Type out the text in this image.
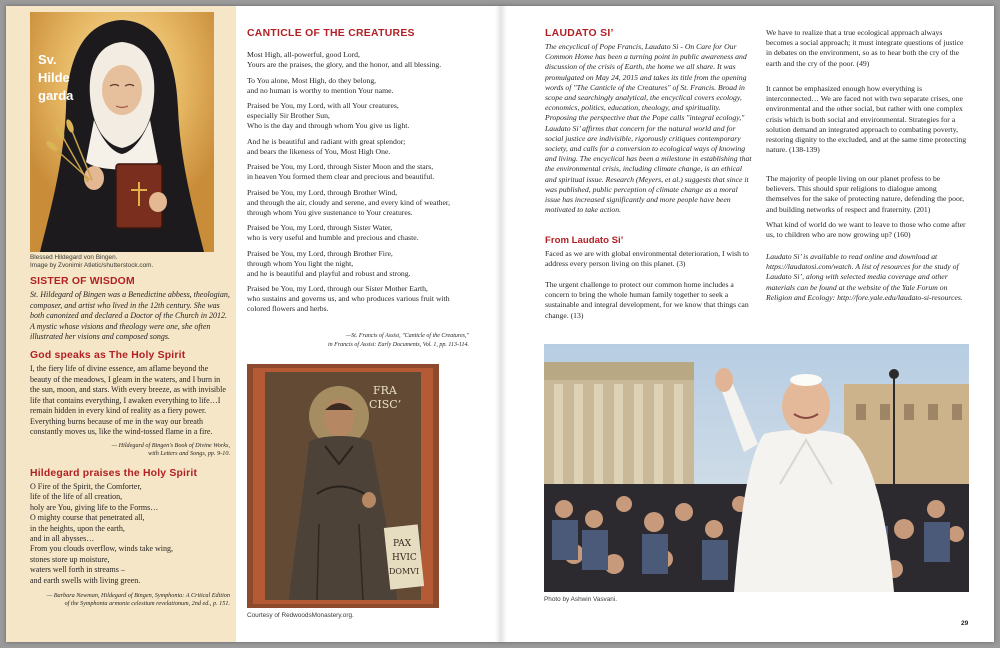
Sv.
Hilde
garda
Blessed Hildegard von Bingen.
Image by Zvonimir Atletic/shutterstock.com.
SISTER OF WISDOM
St. Hildegard of Bingen was a Benedictine abbess, theologian, composer, and artist who lived in the 12th century. She was both canonized and declared a Doctor of the Church in 2012. A mystic whose visions and theology were one, she often illustrated her visions and composed songs.
God speaks as The Holy Spirit
I, the fiery life of divine essence, am aflame beyond the beauty of the meadows, I gleam in the waters, and I burn in the sun, moon, and stars. With every breeze, as with invisible life that contains everything, I awaken everything to life…I remain hidden in every kind of reality as a fiery power. Everything burns because of me in the way our breath constantly moves us, like the wind-tossed flame in a fire.
— Hildegard of Bingen's Book of Divine Works,
with Letters and Songs, pp. 9-10.
Hildegard praises the Holy Spirit
O Fire of the Spirit, the Comforter,
life of the life of all creation,
holy are You, giving life to the Forms…
O mighty course that penetrated all,
in the heights, upon the earth,
and in all abysses…
From you clouds overflow, winds take wing,
stones store up moisture,
waters well forth in streams –
and earth swells with living green.
— Barbara Newman, Hildegard of Bingen, Symphonia: A Critical Edition
of the Symphonia armonie celestium revelationum, 2nd ed., p. 151.
CANTICLE OF THE CREATURES
Most High, all-powerful, good Lord,
Yours are the praises, the glory, and the honor, and all blessing.
To You alone, Most High, do they belong,
and no human is worthy to mention Your name.
Praised be You, my Lord, with all Your creatures,
especially Sir Brother Sun,
Who is the day and through whom You give us light.
And he is beautiful and radiant with great splendor;
and bears the likeness of You, Most High One.
Praised be You, my Lord, through Sister Moon and the stars,
in heaven You formed them clear and precious and beautiful.
Praised be You, my Lord, through Brother Wind,
and through the air, cloudy and serene, and every kind of weather,
through whom You give sustenance to Your creatures.
Praised be You, my Lord, through Sister Water,
who is very useful and humble and precious and chaste.
Praised be You, my Lord, through Brother Fire,
through whom You light the night,
and he is beautiful and playful and robust and strong.
Praised be You, my Lord, through our Sister Mother Earth,
who sustains and governs us, and who produces various fruit with
colored flowers and herbs.
—St. Francis of Assisi, "Canticle of the Creatures,"
in Francis of Assisi: Early Documents, Vol. 1, pp. 113-114.
FRA
CISC’
PAX
HVIC
DOMVI
Courtesy of RedwoodsMonastery.org.
LAUDATO SI’
The encyclical of Pope Francis, Laudato Si - On Care for Our Common Home has been a turning point in public awareness and discussion of the crisis of Earth, the home we all share. It was promulgated on May 24, 2015 and takes its title from the opening words of "The Canticle of the Creatures" of St. Francis. Broad in scope and searchingly analytical, the encyclical covers ecology, economics, politics, education, theology, and spirituality. Proposing the perspective that the Pope calls "integral ecology," Laudato Si’ affirms that concern for the natural world and for social justice are indivisible, rigorously critiques contemporary society, and calls for a conversion to ecological ways of knowing and living. The encyclical has been a milestone in establishing that the environmental crisis, including climate change, is an ethical and spiritual issue. Research (Meyers, et al.) suggests that since it was published, public perception of climate change as a moral issue has increased significantly and more people have been motivated to take action.
From Laudato Si’
Faced as we are with global environmental deterioration, I wish to address every person living on this planet. (3)
The urgent challenge to protect our common home includes a concern to bring the whole human family together to seek a sustainable and integral development, for we know that things can change. (13)
We have to realize that a true ecological approach always becomes a social approach; it must integrate questions of justice in debates on the environment, so as to hear both the cry of the earth and the cry of the poor. (49)
It cannot be emphasized enough how everything is interconnected… We are faced not with two separate crises, one environmental and the other social, but rather with one complex crisis which is both social and environmental. Strategies for a solution demand an integrated approach to combating poverty, restoring dignity to the excluded, and at the same time protecting nature. (138-139)
The majority of people living on our planet profess to be believers. This should spur religions to dialogue among themselves for the sake of protecting nature, defending the poor, and building networks of respect and fraternity. (201)
What kind of world do we want to leave to those who come after us, to children who are now growing up? (160)
Laudato Si’ is available to read online and download at https://laudatosi.com/watch. A list of resources for the study of Laudato Si’, along with selected media coverage and other materials can be found at the website of the Yale Forum on Religion and Ecology: http://fore.yale.edu/laudato-si-resources.
Photo by Ashwin Vasvani.
29
